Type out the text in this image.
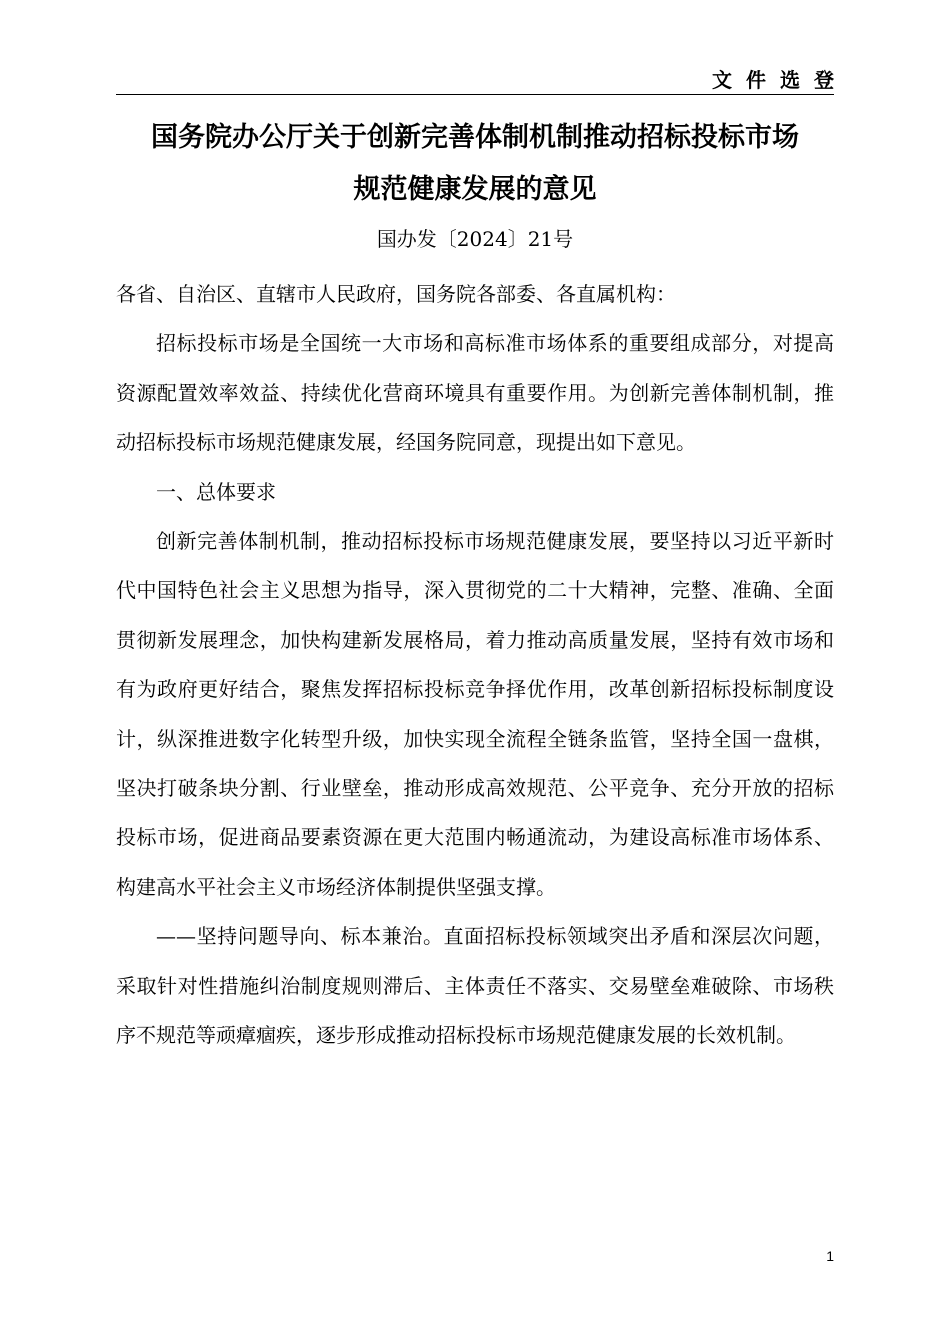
文件选登
国务院办公厅关于创新完善体制机制推动招标投标市场
规范健康发展的意见
国办发〔2024〕21号

各省、自治区、直辖市人民政府，国务院各部委、各直属机构：

招标投标市场是全国统一大市场和高标准市场体系的重要组成部分，对提高资源配置效率效益、持续优化营商环境具有重要作用。为创新完善体制机制，推动招标投标市场规范健康发展，经国务院同意，现提出如下意见。

一、总体要求

创新完善体制机制，推动招标投标市场规范健康发展，要坚持以习近平新时代中国特色社会主义思想为指导，深入贯彻党的二十大精神，完整、准确、全面贯彻新发展理念，加快构建新发展格局，着力推动高质量发展，坚持有效市场和有为政府更好结合，聚焦发挥招标投标竞争择优作用，改革创新招标投标制度设计，纵深推进数字化转型升级，加快实现全流程全链条监管，坚持全国一盘棋，坚决打破条块分割、行业壁垒，推动形成高效规范、公平竞争、充分开放的招标投标市场，促进商品要素资源在更大范围内畅通流动，为建设高标准市场体系、构建高水平社会主义市场经济体制提供坚强支撑。

——坚持问题导向、标本兼治。直面招标投标领域突出矛盾和深层次问题，采取针对性措施纠治制度规则滞后、主体责任不落实、交易壁垒难破除、市场秩序不规范等顽瘴痼疾，逐步形成推动招标投标市场规范健康发展的长效机制。

1
